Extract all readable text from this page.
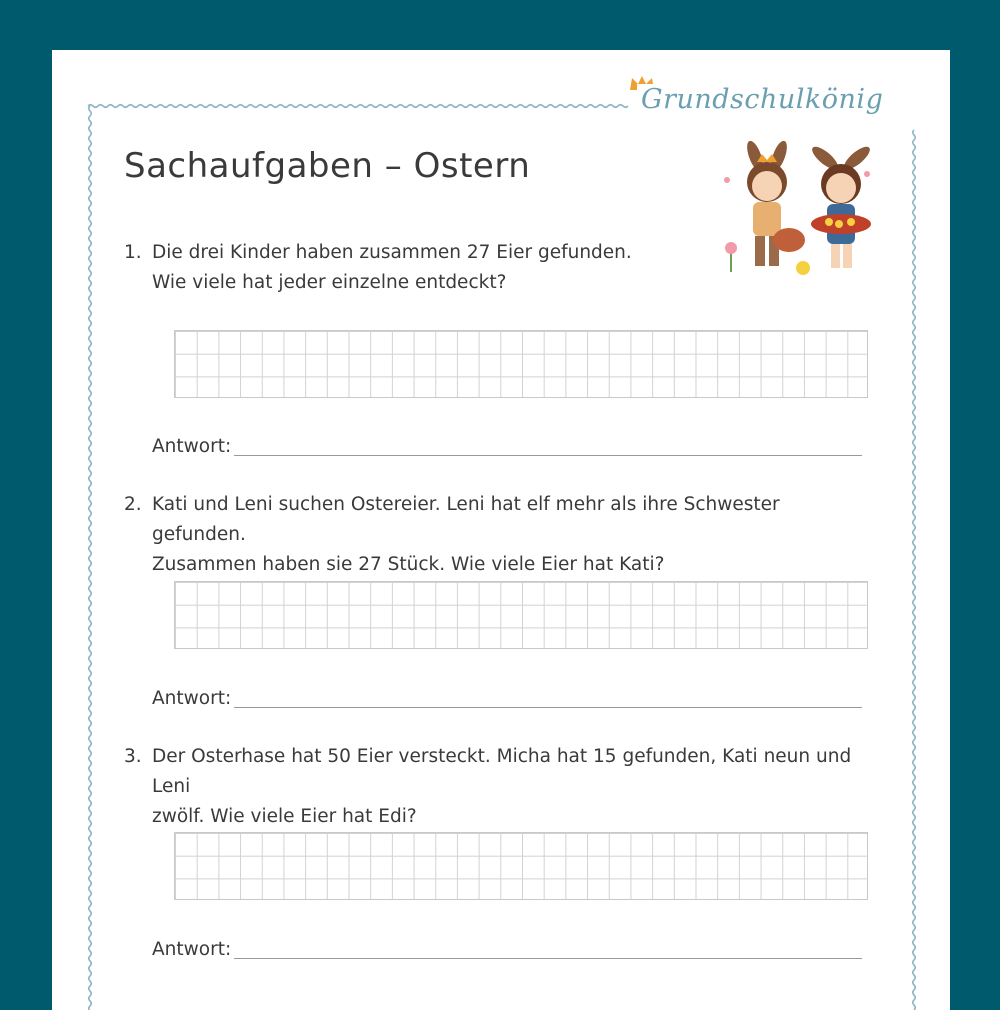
Grundschulkönig
Sachaufgaben – Ostern
1. Die drei Kinder haben zusammen 27 Eier gefunden.
Wie viele hat jeder einzelne entdeckt?
Antwort:
2. Kati und Leni suchen Ostereier. Leni hat elf mehr als ihre Schwester gefunden.
Zusammen haben sie 27 Stück. Wie viele Eier hat Kati?
Antwort:
3. Der Osterhase hat 50 Eier versteckt. Micha hat 15 gefunden, Kati neun und Leni
zwölf. Wie viele Eier hat Edi?
Antwort:
